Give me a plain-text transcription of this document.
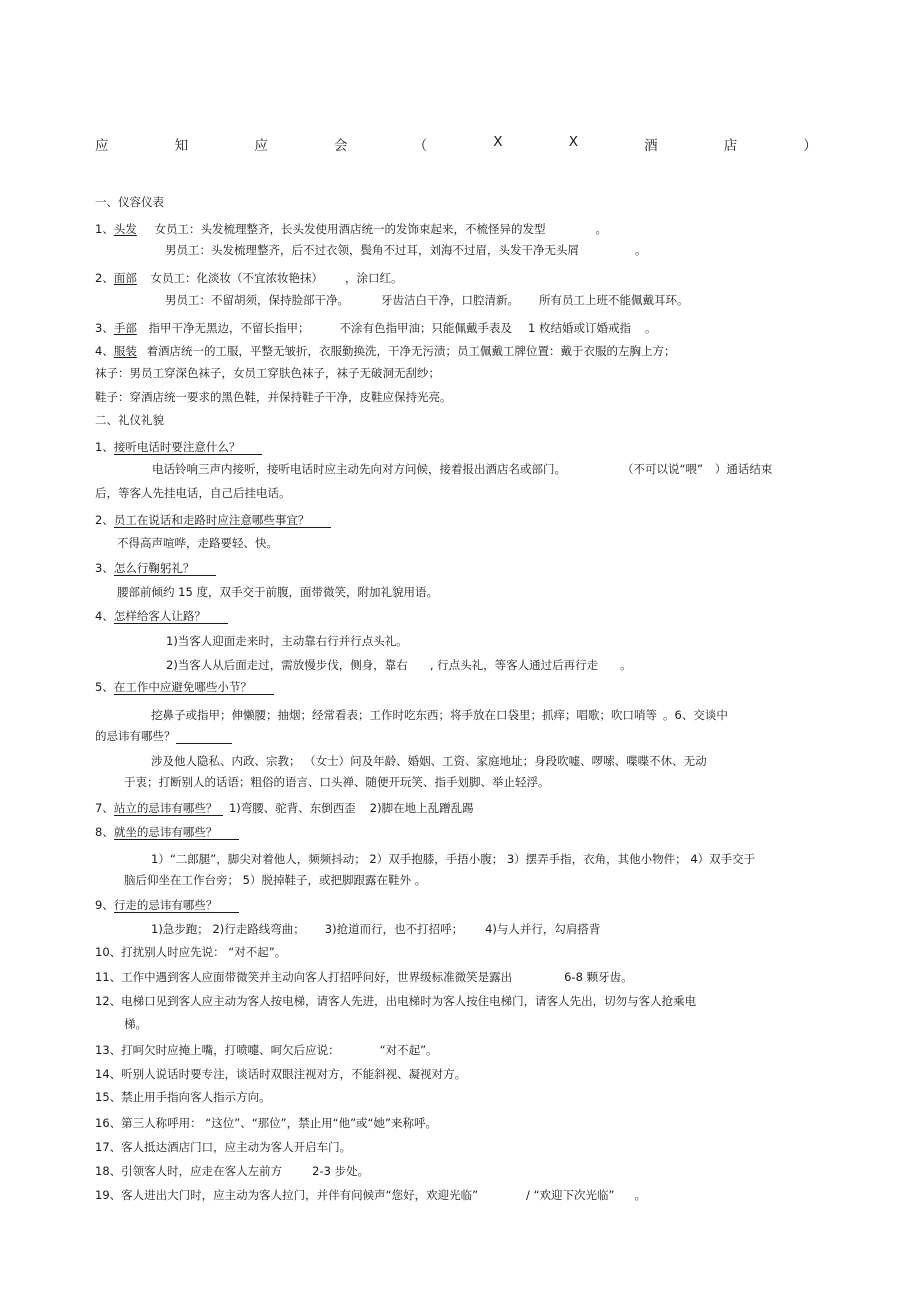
应	知	应	会	（	X	X	酒	店	）
一、仪容仪表
1、头发 女员工：头发梳理整齐，长头发使用酒店统一的发饰束起来，不梳怪异的发型	。
男员工：头发梳理整齐，后不过衣领，鬓角不过耳，刘海不过眉，头发干净无头屑	。
2、面部 女员工：化淡妆（不宜浓妆艳抹） ，涂口红。
男员工：不留胡须，保持脸部干净。	牙齿洁白干净，口腔清新。 所有员工上班不能佩戴耳环。
3、手部 指甲干净无黑边，不留长指甲；	不涂有色指甲油；只能佩戴手表及 1 枚结婚或订婚戒指 。
4、服装 着酒店统一的工服，平整无皱折，衣服勤换洗，干净无污渍；员工佩戴工牌位置：戴于衣服的左胸上方；
袜子：男员工穿深色袜子，女员工穿肤色袜子，袜子无破洞无刮纱；
鞋子：穿酒店统一要求的黑色鞋，并保持鞋子干净，皮鞋应保持光亮。
二、礼仪礼貌
1、接听电话时要注意什么？
电话铃响三声内接听，接听电话时应主动先向对方问候，接着报出酒店名或部门。	（不可以说“喂” ）通话结束
后，等客人先挂电话，自己后挂电话。
2、员工在说话和走路时应注意哪些事宜？
不得高声喧哗，走路要轻、快。
3、怎么行鞠躬礼？
腰部前倾约 15 度，双手交于前腹，面带微笑，附加礼貌用语。
4、怎样给客人让路？
1)当客人迎面走来时，主动靠右行并行点头礼。
2)当客人从后面走过，需放慢步伐，侧身，靠右 , 行点头礼，等客人通过后再行走 。
5、在工作中应避免哪些小节？
挖鼻子或指甲；伸懒腰；抽烟；经常看表；工作时吃东西；将手放在口袋里；抓痒；唱歌；吹口哨等 。6、交谈中
的忌讳有哪些？
涉及他人隐私、内政、宗教； （女士）问及年龄、婚姻、工资、家庭地址；身段吹嘘、啰嗦、喋喋不休、无动
于衷；打断别人的话语；粗俗的语言、口头禅、随便开玩笑、指手划脚、举止轻浮。
7、站立的忌讳有哪些？ 1)弯腰、驼背、东倒西歪 2)脚在地上乱蹭乱踢
8、就坐的忌讳有哪些？
1）“二郎腿”，脚尖对着他人，频频抖动； 2）双手抱膝，手捂小腹； 3）摆弄手指，衣角，其他小物件； 4）双手交于
脑后仰坐在工作台旁； 5）脱掉鞋子，或把脚跟露在鞋外 。
9、行走的忌讳有哪些？
1)急步跑； 2)行走路线弯曲； 3)抢道而行，也不打招呼； 4)与人并行，勾肩搭背
10、打扰别人时应先说： “对不起”。
11、工作中遇到客人应面带微笑并主动向客人打招呼问好，世界级标准微笑是露出	6-8 颗牙齿。
12、电梯口见到客人应主动为客人按电梯，请客人先进，出电梯时为客人按住电梯门，请客人先出，切勿与客人抢乘电
梯。
13、打呵欠时应掩上嘴，打喷嚏、呵欠后应说：	“对不起”。
14、听别人说话时要专注，谈话时双眼注视对方，不能斜视、凝视对方。
15、禁止用手指向客人指示方向。
16、第三人称呼用： “这位”、“那位”，禁止用“他”或“她”来称呼。
17、客人抵达酒店门口，应主动为客人开启车门。
18、引领客人时，应走在客人左前方	2-3 步处。
19、客人进出大门时，应主动为客人拉门，并伴有问候声“您好，欢迎光临”	/ “欢迎下次光临” 。
